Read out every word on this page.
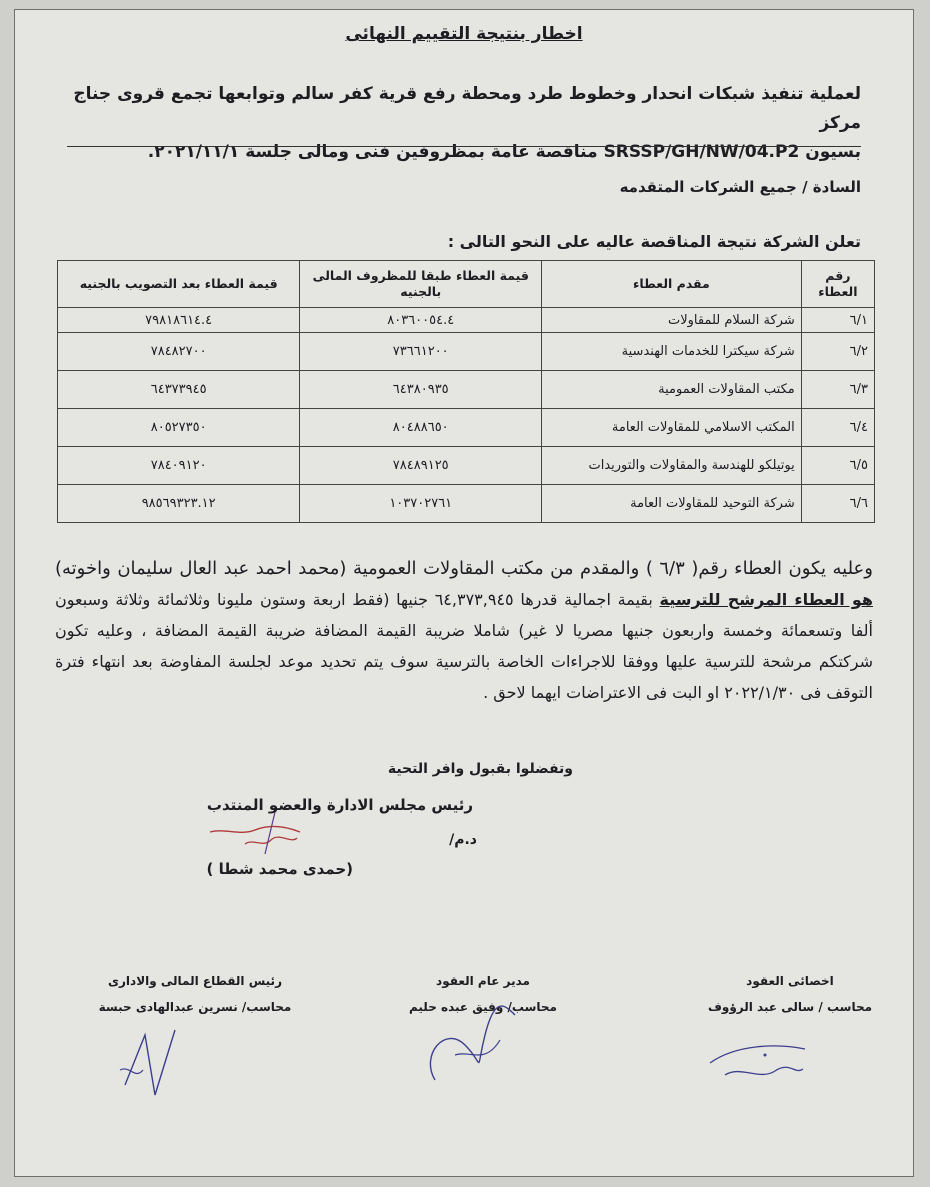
اخطار بنتيجة التقييم النهائى
لعملية تنفيذ شبكات انحدار وخطوط طرد ومحطة رفع قرية كفر سالم وتوابعها تجمع قروى جناج مركز
بسيون SRSSP/GH/NW/04.P2 مناقصة عامة بمظروفين فنى ومالى جلسة ٢٠٢١/١١/١.
السادة / جميع الشركات المتقدمه
تعلن الشركة نتيجة المناقصة عاليه على النحو التالى :
رقم العطاء	مقدم العطاء	قيمة العطاء طبقا للمظروف المالى بالجنيه	قيمة العطاء بعد التصويب بالجنيه
٦/١	شركة السلام للمقاولات	٨٠٣٦٠٠٥٤.٤	٧٩٨١٨٦١٤.٤
٦/٢	شركة سيكترا للخدمات الهندسية	٧٣٦٦١٢٠٠	٧٨٤٨٢٧٠٠
٦/٣	مكتب المقاولات العمومية	٦٤٣٨٠٩٣٥	٦٤٣٧٣٩٤٥
٦/٤	المكتب الاسلامي للمقاولات العامة	٨٠٤٨٨٦٥٠	٨٠٥٢٧٣٥٠
٦/٥	يوتيلكو للهندسة والمقاولات والتوريدات	٧٨٤٨٩١٢٥	٧٨٤٠٩١٢٠
٦/٦	شركة التوحيد للمقاولات العامة	١٠٣٧٠٢٧٦١	٩٨٥٦٩٣٢٣.١٢
وعليه يكون العطاء رقم( ٦/٣ ) والمقدم من مكتب المقاولات العمومية (محمد احمد عبد العال سليمان واخوته) هو العطاء المرشح للترسية بقيمة اجمالية قدرها ٦٤,٣٧٣,٩٤٥ جنيها (فقط اربعة وستون مليونا وثلاثمائة وثلاثة وسبعون ألفا وتسعمائة وخمسة واربعون جنيها مصريا لا غير) شاملا ضريبة القيمة المضافة ضريبة القيمة المضافة ، وعليه تكون شركتكم مرشحة للترسية عليها ووفقا للاجراءات الخاصة بالترسية سوف يتم تحديد موعد لجلسة المفاوضة بعد انتهاء فترة التوقف فى ٢٠٢٢/١/٣٠ او البت فى الاعتراضات ايهما لاحق .
وتفضلوا بقبول وافر التحية
رئيس مجلس الادارة والعضو المنتدب
د.م/
(حمدى محمد شطا )
اخصائى العقود
محاسب / سالى عبد الرؤوف
مدير عام العقود
محاسب/ وفيق عبده حليم
رئيس القطاع المالى والادارى
محاسب/ نسرين عبدالهادى حبسة
